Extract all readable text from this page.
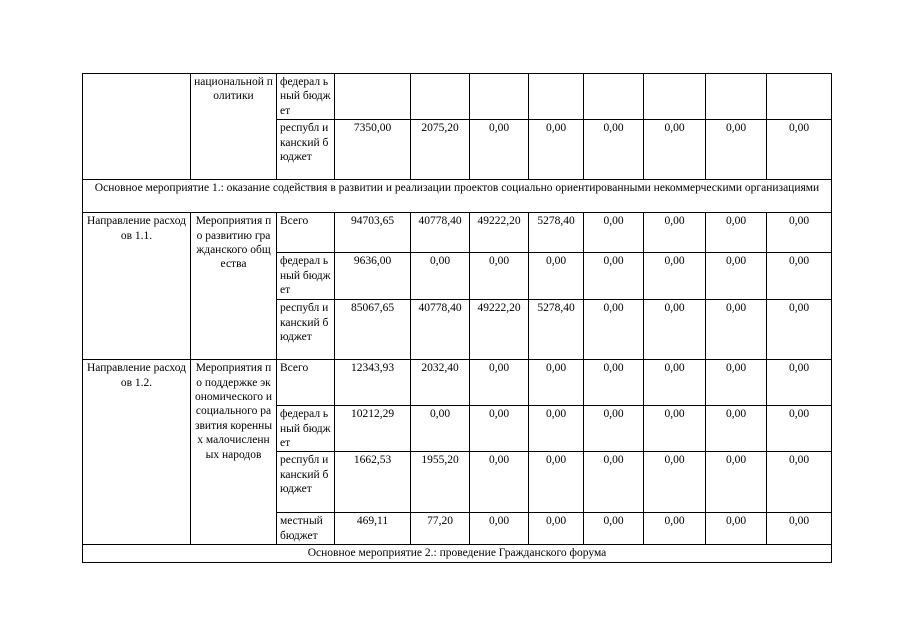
	национальной политики	федерал ьный бюджет								
		республ иканский бюджет	7350,00	2075,20	0,00	0,00	0,00	0,00	0,00	0,00
Основное мероприятие 1.: оказание содействия в развитии и реализации проектов социально ориентированными некоммерческими организациями										
Направление расходов 1.1.	Мероприятия по развитию гражданского общества	Всего	94703,65	40778,40	49222,20	5278,40	0,00	0,00	0,00	0,00
		федерал ьный бюджет	9636,00	0,00	0,00	0,00	0,00	0,00	0,00	0,00
		республ иканский бюджет	85067,65	40778,40	49222,20	5278,40	0,00	0,00	0,00	0,00
Направление расходов 1.2.	Мероприятия по поддержке экономического и социального развития коренных малочисленных народов	Всего	12343,93	2032,40	0,00	0,00	0,00	0,00	0,00	0,00
		федерал ьный бюджет	10212,29	0,00	0,00	0,00	0,00	0,00	0,00	0,00
		республ иканский бюджет	1662,53	1955,20	0,00	0,00	0,00	0,00	0,00	0,00
		местный бюджет	469,11	77,20	0,00	0,00	0,00	0,00	0,00	0,00
Основное мероприятие 2.: проведение Гражданского форума										
